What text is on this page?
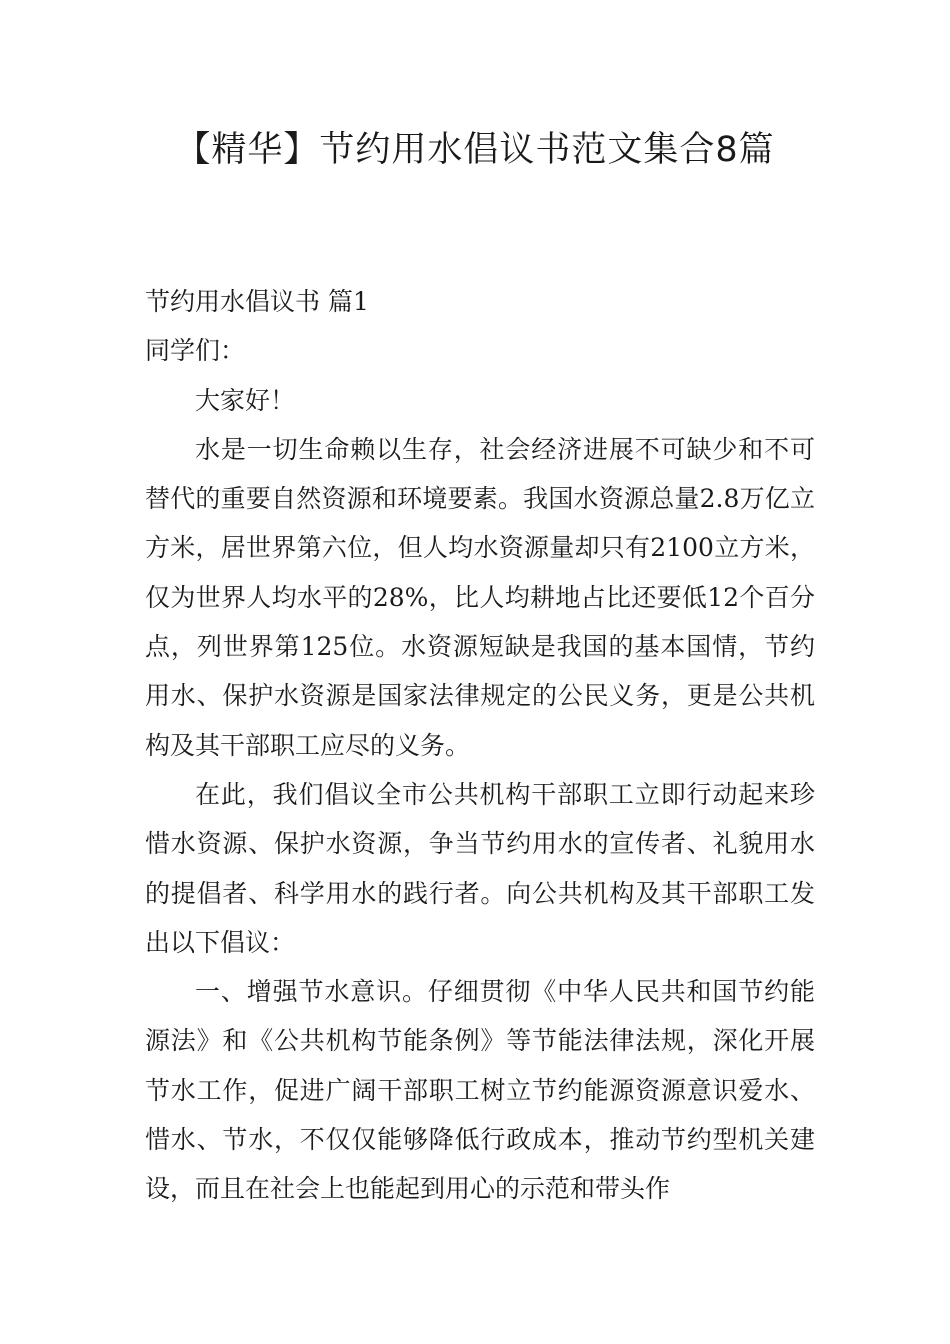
【精华】节约用水倡议书范文集合8篇

节约用水倡议书 篇1

同学们：

大家好！

水是一切生命赖以生存，社会经济进展不可缺少和不可替代的重要自然资源和环境要素。我国水资源总量2.8万亿立方米，居世界第六位，但人均水资源量却只有2100立方米，仅为世界人均水平的28%，比人均耕地占比还要低12个百分点，列世界第125位。水资源短缺是我国的基本国情，节约用水、保护水资源是国家法律规定的公民义务，更是公共机构及其干部职工应尽的义务。

在此，我们倡议全市公共机构干部职工立即行动起来珍惜水资源、保护水资源，争当节约用水的宣传者、礼貌用水的提倡者、科学用水的践行者。向公共机构及其干部职工发出以下倡议：

一、增强节水意识。仔细贯彻《中华人民共和国节约能源法》和《公共机构节能条例》等节能法律法规，深化开展节水工作，促进广阔干部职工树立节约能源资源意识爱水、惜水、节水，不仅仅能够降低行政成本，推动节约型机关建设，而且在社会上也能起到用心的示范和带头作
